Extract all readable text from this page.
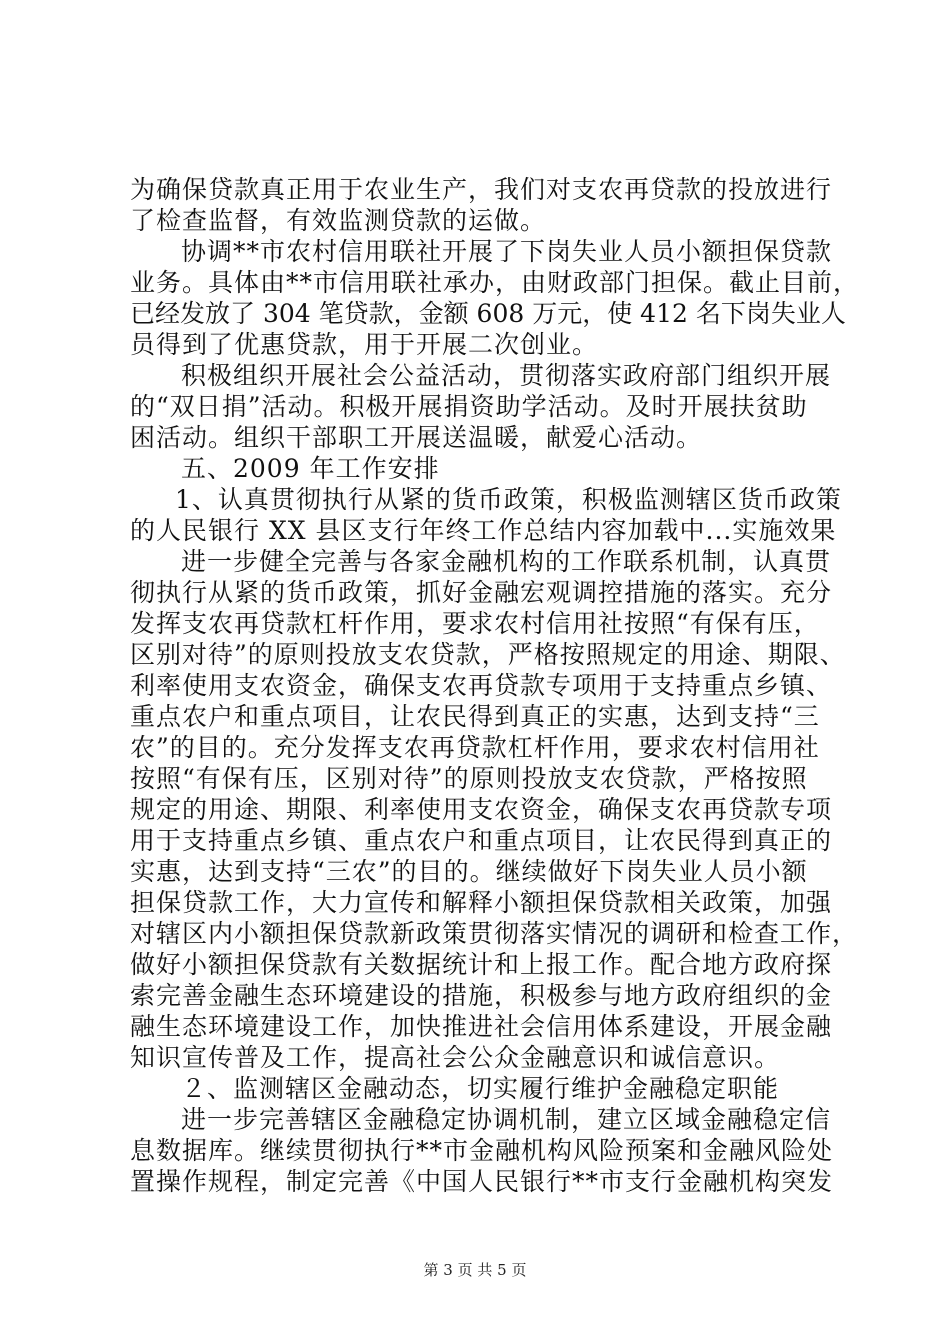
为确保贷款真正用于农业生产，我们对支农再贷款的投放进行
了检查监督，有效监测贷款的运做。
协调**市农村信用联社开展了下岗失业人员小额担保贷款
业务。具体由**市信用联社承办，由财政部门担保。截止目前，
已经发放了 304 笔贷款，金额 608 万元，使 412 名下岗失业人
员得到了优惠贷款，用于开展二次创业。
积极组织开展社会公益活动，贯彻落实政府部门组织开展
的“双日捐”活动。积极开展捐资助学活动。及时开展扶贫助
困活动。组织干部职工开展送温暖，献爱心活动。
五、2009 年工作安排
1、认真贯彻执行从紧的货币政策，积极监测辖区货币政策
的人民银行 XX 县区支行年终工作总结内容加载中...实施效果
进一步健全完善与各家金融机构的工作联系机制，认真贯
彻执行从紧的货币政策，抓好金融宏观调控措施的落实。充分
发挥支农再贷款杠杆作用，要求农村信用社按照“有保有压，
区别对待”的原则投放支农贷款，严格按照规定的用途、期限、
利率使用支农资金，确保支农再贷款专项用于支持重点乡镇、
重点农户和重点项目，让农民得到真正的实惠，达到支持“三
农”的目的。充分发挥支农再贷款杠杆作用，要求农村信用社
按照“有保有压，区别对待”的原则投放支农贷款，严格按照
规定的用途、期限、利率使用支农资金，确保支农再贷款专项
用于支持重点乡镇、重点农户和重点项目，让农民得到真正的
实惠，达到支持“三农”的目的。继续做好下岗失业人员小额
担保贷款工作，大力宣传和解释小额担保贷款相关政策，加强
对辖区内小额担保贷款新政策贯彻落实情况的调研和检查工作，
做好小额担保贷款有关数据统计和上报工作。配合地方政府探
索完善金融生态环境建设的措施，积极参与地方政府组织的金
融生态环境建设工作，加快推进社会信用体系建设，开展金融
知识宣传普及工作，提高社会公众金融意识和诚信意识。
２、监测辖区金融动态，切实履行维护金融稳定职能
进一步完善辖区金融稳定协调机制，建立区域金融稳定信
息数据库。继续贯彻执行**市金融机构风险预案和金融风险处
置操作规程，制定完善《中国人民银行**市支行金融机构突发
第 3 页 共 5 页
